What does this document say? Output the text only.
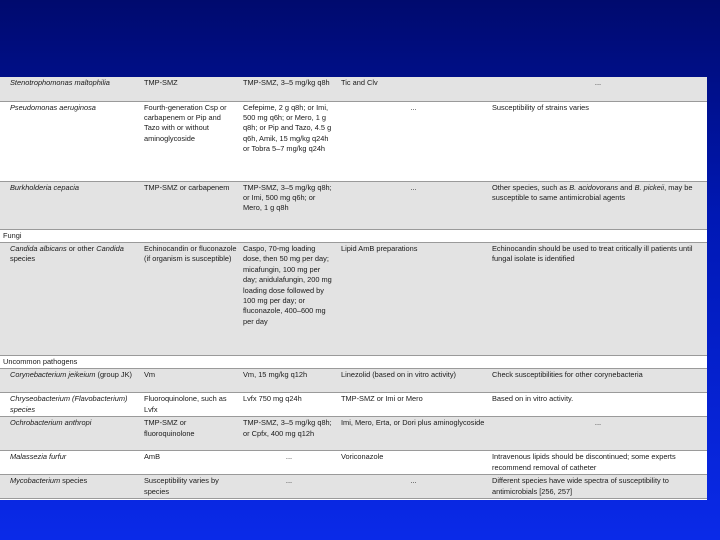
Stenotrophomonas maltophilia	TMP-SMZ	TMP-SMZ, 3–5 mg/kg q8h	Tic and Clv	...

Pseudomonas aeruginosa	Fourth-generation Csp or carbapenem or Pip and Tazo with or without aminoglycoside	Cefepime, 2 g q8h; or Imi, 500 mg q6h; or Mero, 1 g q8h; or Pip and Tazo, 4.5 g q6h, Amik, 15 mg/kg q24h or Tobra 5–7 mg/kg q24h	...	Susceptibility of strains varies
Burkholderia cepacia	TMP-SMZ or carbapenem	TMP-SMZ, 3–5 mg/kg q8h; or Imi, 500 mg q6h; or Mero, 1 g q8h	...	Other species, such as B. acidovorans and B. pickeii, may be susceptible to same antimicrobial agents
Fungi				
Candida albicans or other Candida species	Echinocandin or fluconazole (if organism is susceptible)	Caspo, 70-mg loading dose, then 50 mg per day; micafungin, 100 mg per day; anidulafungin, 200 mg loading dose followed by 100 mg per day; or fluconazole, 400–600 mg per day	Lipid AmB preparations	Echinocandin should be used to treat critically ill patients until fungal isolate is identified
Uncommon pathogens				
Corynebacterium jeikeium (group JK)	Vm	Vm, 15 mg/kg q12h	Linezolid (based on in vitro activity)	Check susceptibilities for other corynebacteria
Chryseobacterium (Flavobacterium) species	Fluoroquinolone, such as Lvfx	Lvfx 750 mg q24h	TMP-SMZ or Imi or Mero	Based on in vitro activity.
Ochrobacterium anthropi	TMP-SMZ or fluoroquinolone	TMP-SMZ, 3–5 mg/kg q8h; or Cpfx, 400 mg q12h	Imi, Mero, Erta, or Dori plus aminoglycoside	...

Malassezia furfur	AmB	...	Voriconazole	Intravenous lipids should be discontinued; some experts recommend removal of catheter
Mycobacterium species	Susceptibility varies by species	...	...	Different species have wide spectra of susceptibility to antimicrobials [256, 257]
